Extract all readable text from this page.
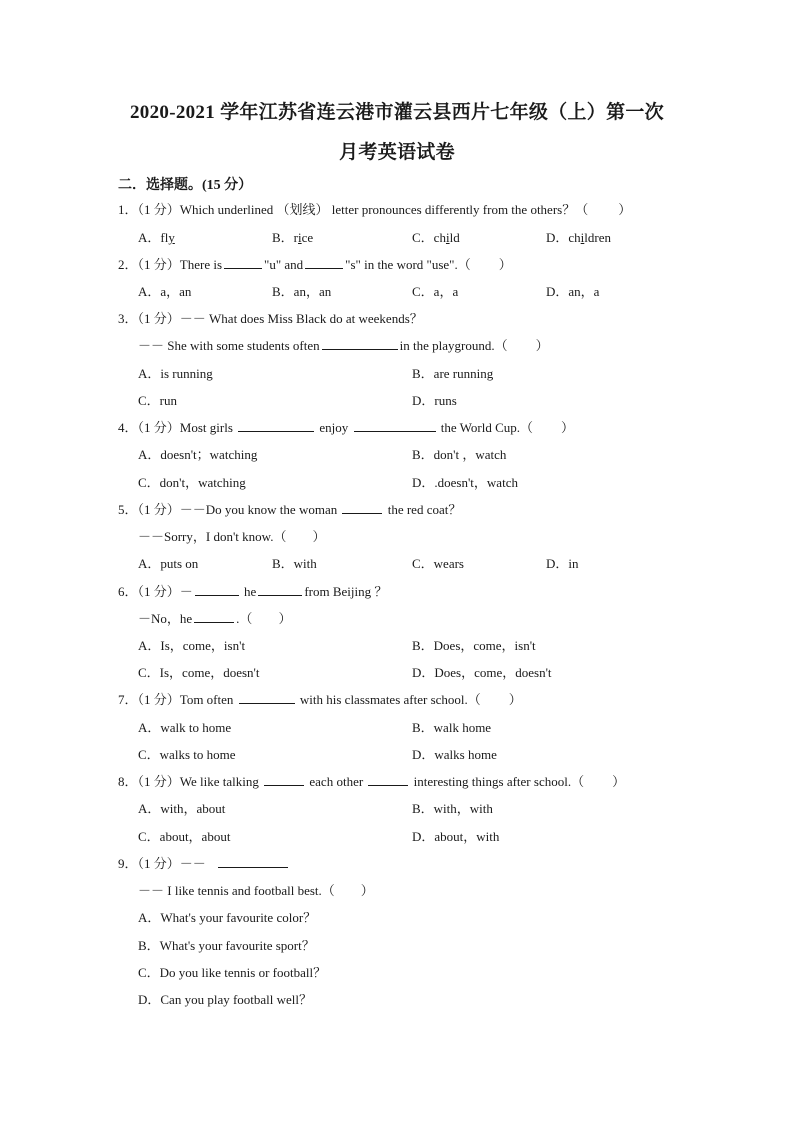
2020-2021 学年江苏省连云港市灌云县西片七年级（上）第一次
月考英语试卷
二．选择题。(15 分）
1．（1 分）Which underlined （划线） letter pronounces differently from the others？（ ）
A．fly	B．rice	C．child	D．children
2．（1 分）There is	"u" and	"s" in the word "use".（ ）
A．a，an	B．an，an	C．a，a	D．an，a
3．（1 分）－－ What does Miss Black do at weekends？
－－ She with some students often	in the playground.（ ）
A．is running	B．are running
C．run	D．runs
4．（1 分）Most girls	enjoy	the World Cup.（ ）
A．doesn't；watching	B．don't ，watch
C．don't，watching	D．.doesn't，watch
5．（1 分）－－Do you know the woman	the red coat？
－－Sorry，I don't know.（ ）
A．puts on	B．with	C．wears	D．in
6．（1 分）－	he	from Beijing ？
－No，he	.（ ）
A．Is，come，isn't	B．Does，come，isn't
C．Is，come，doesn't	D．Does，come，doesn't
7．（1 分）Tom often	with his classmates after school.（ ）
A．walk to home	B．walk home
C．walks to home	D．walks home
8．（1 分）We like talking	each other	interesting things after school.（ ）
A．with，about	B．with，with
C．about，about	D．about，with
9．（1 分）－－
－－ I like tennis and football best.（ ）
A．What's your favourite color？
B．What's your favourite sport？
C．Do you like tennis or football？
D．Can you play football well？
